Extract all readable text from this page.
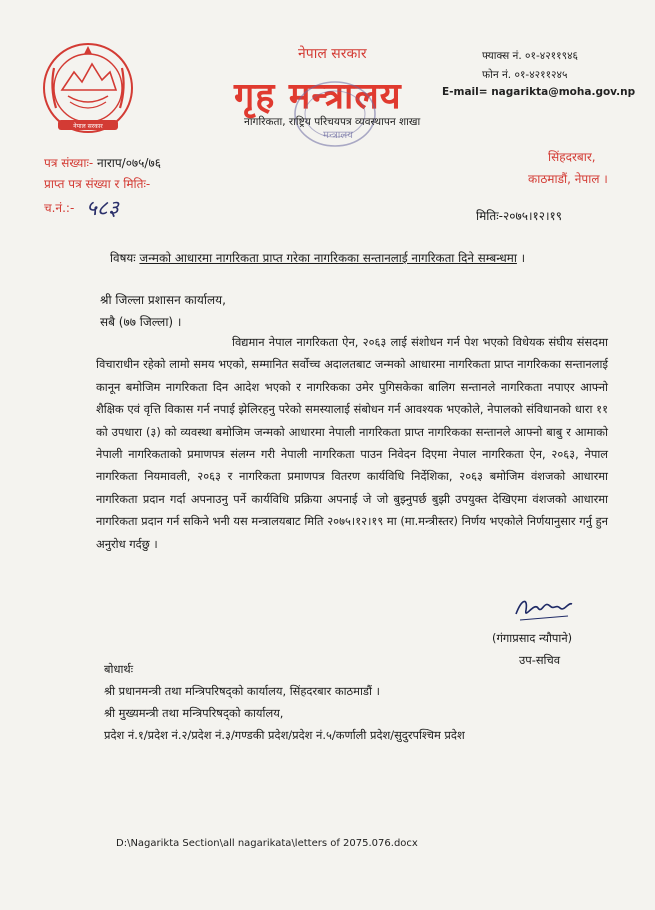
नेपाल सरकार
नेपाल सरकार
गृह मन्त्रालय
मन्त्रालय
नागरिकता, राष्ट्रिय परिचयपत्र व्यवस्थापन शाखा
फ्याक्स नं. ०१-४२११९४६
फोन नं. ०१-४२११२४५
E-mail= nagarikta@moha.gov.np
पत्र संख्याः- नाराप/०७५/७६
प्राप्त पत्र संख्या र मितिः-
च.नं.:- ५८३
सिंहदरबार,
काठमाडौं, नेपाल ।
मितिः-२०७५।१२।१९
विषयः जन्मको आधारमा नागरिकता प्राप्त गरेका नागरिकका सन्तानलाई नागरिकता दिने सम्बन्धमा ।
श्री जिल्ला प्रशासन कार्यालय,
सबै (७७ जिल्ला) ।
विद्यमान नेपाल नागरिकता ऐन, २०६३ लाई संशोधन गर्न पेश भएको विधेयक संघीय संसदमा विचाराधीन रहेको लामो समय भएको, सम्मानित सर्वोच्च अदालतबाट जन्मको आधारमा नागरिकता प्राप्त नागरिकका सन्तानलाई कानून बमोजिम नागरिकता दिन आदेश भएको र नागरिकका उमेर पुगिसकेका बालिग सन्तानले नागरिकता नपाएर आफ्नो शैक्षिक एवं वृत्ति विकास गर्न नपाई झेलिरहनु परेको समस्यालाई संबोधन गर्न आवश्यक भएकोले, नेपालको संविधानको धारा ११ को उपधारा (३) को व्यवस्था बमोजिम जन्मको आधारमा नेपाली नागरिकता प्राप्त नागरिकका सन्तानले आफ्नो बाबु र आमाको नेपाली नागरिकताको प्रमाणपत्र संलग्न गरी नेपाली नागरिकता पाउन निवेदन दिएमा नेपाल नागरिकता ऐन, २०६३, नेपाल नागरिकता नियमावली, २०६३ र नागरिकता प्रमाणपत्र वितरण कार्यविधि निर्देशिका, २०६३ बमोजिम वंशजको आधारमा नागरिकता प्रदान गर्दा अपनाउनु पर्ने कार्यविधि प्रक्रिया अपनाई जे जो बुझ्नुपर्छ बुझी उपयुक्त देखिएमा वंशजको आधारमा नागरिकता प्रदान गर्न सकिने भनी यस मन्त्रालयबाट मिति २०७५।१२।१९ मा (मा.मन्त्रीस्तर) निर्णय भएकोले निर्णयानुसार गर्नु हुन अनुरोध गर्दछु ।
(गंगाप्रसाद न्यौपाने)
उप-सचिव
बोधार्थः
श्री प्रधानमन्त्री तथा मन्त्रिपरिषद्को कार्यालय, सिंहदरबार काठमाडौं ।
श्री मुख्यमन्त्री तथा मन्त्रिपरिषद्को कार्यालय,
प्रदेश नं.१/प्रदेश नं.२/प्रदेश नं.३/गण्डकी प्रदेश/प्रदेश नं.५/कर्णाली प्रदेश/सुदुरपश्चिम प्रदेश
D:\Nagarikta Section\all nagarikata\letters of 2075.076.docx
